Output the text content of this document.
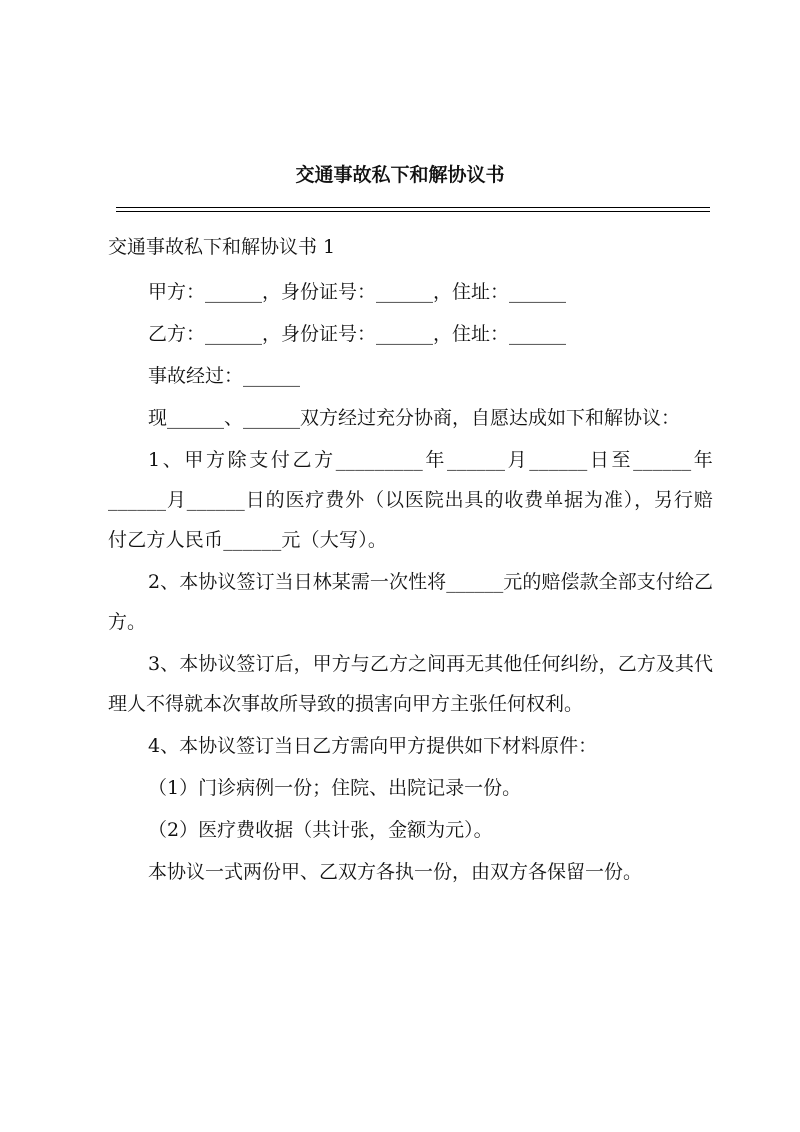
交通事故私下和解协议书

交通事故私下和解协议书 1

甲方：______，身份证号：______，住址：______

乙方：______，身份证号：______，住址：______

事故经过：______

现______、______双方经过充分协商，自愿达成如下和解协议：

1、甲方除支付乙方_________年______月______日至______年______月______日的医疗费外（以医院出具的收费单据为准），另行赔付乙方人民币______元（大写）。

2、本协议签订当日林某需一次性将______元的赔偿款全部支付给乙方。

3、本协议签订后，甲方与乙方之间再无其他任何纠纷，乙方及其代理人不得就本次事故所导致的损害向甲方主张任何权利。

4、本协议签订当日乙方需向甲方提供如下材料原件：

（1）门诊病例一份；住院、出院记录一份。

（2）医疗费收据（共计张，金额为元）。

本协议一式两份甲、乙双方各执一份，由双方各保留一份。
